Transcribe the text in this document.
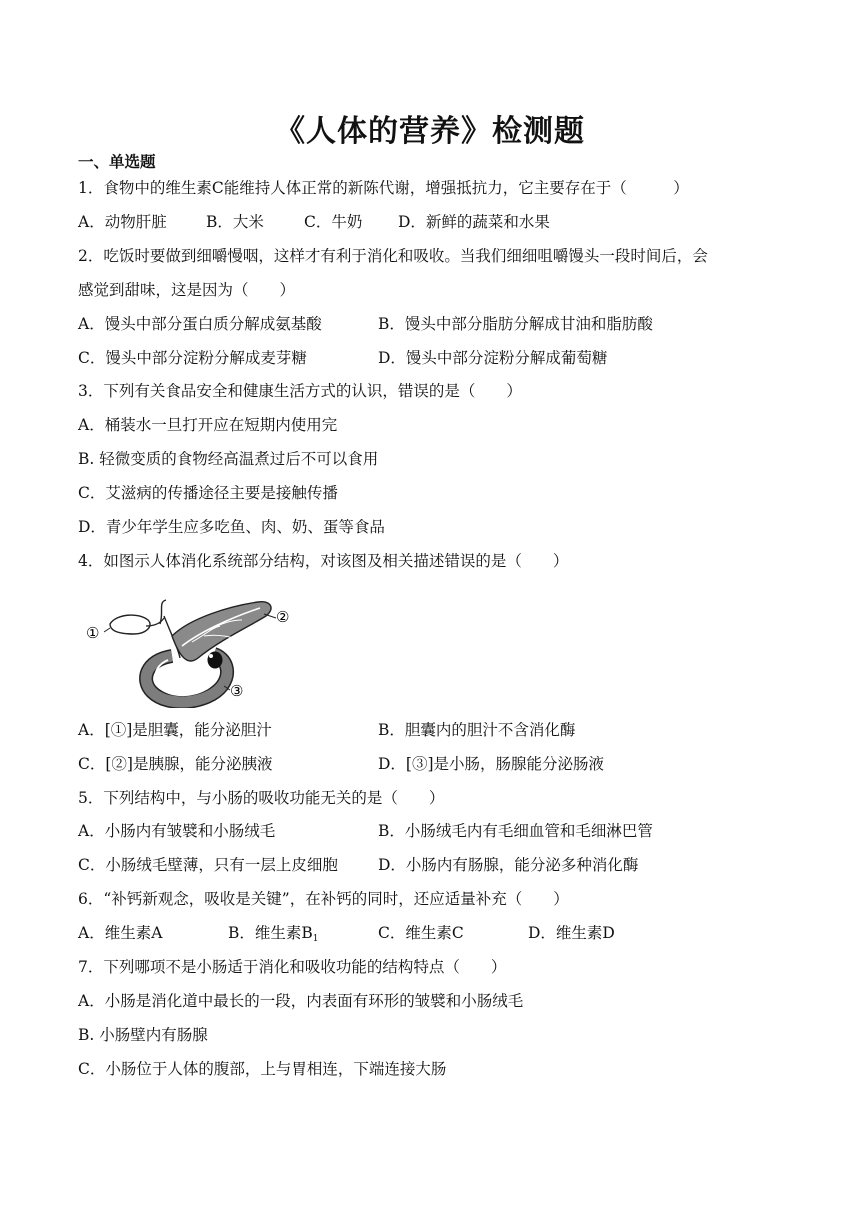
《人体的营养》检测题
一、单选题
1．食物中的维生素C能维持人体正常的新陈代谢，增强抵抗力，它主要存在于（　　　）
A．动物肝脏	B．大米	C．牛奶 D．新鲜的蔬菜和水果
2．吃饭时要做到细嚼慢咽，这样才有利于消化和吸收。当我们细细咀嚼馒头一段时间后，会
感觉到甜味，这是因为（　　）
A．馒头中部分蛋白质分解成氨基酸	B．馒头中部分脂肪分解成甘油和脂肪酸
C．馒头中部分淀粉分解成麦芽糖	D．馒头中部分淀粉分解成葡萄糖
3．下列有关食品安全和健康生活方式的认识，错误的是（　　）
A．桶装水一旦打开应在短期内使用完
B. 轻微变质的食物经高温煮过后不可以食用
C．艾滋病的传播途径主要是接触传播
D．青少年学生应多吃鱼、肉、奶、蛋等食品
4．如图示人体消化系统部分结构，对该图及相关描述错误的是（　　）
①
②
③
A．[①]是胆囊，能分泌胆汁	B．胆囊内的胆汁不含消化酶
C．[②]是胰腺，能分泌胰液	D．[③]是小肠，肠腺能分泌肠液
5．下列结构中，与小肠的吸收功能无关的是（　　）
A．小肠内有皱襞和小肠绒毛	B．小肠绒毛内有毛细血管和毛细淋巴管
C．小肠绒毛壁薄，只有一层上皮细胞	D．小肠内有肠腺，能分泌多种消化酶
6．“补钙新观念，吸收是关键”，在补钙的同时，还应适量补充（　　）
A．维生素A	B．维生素$B_1$	C．维生素C	D．维生素D
7．下列哪项不是小肠适于消化和吸收功能的结构特点（　　）
A．小肠是消化道中最长的一段，内表面有环形的皱襞和小肠绒毛
B. 小肠壁内有肠腺
C．小肠位于人体的腹部，上与胃相连，下端连接大肠
